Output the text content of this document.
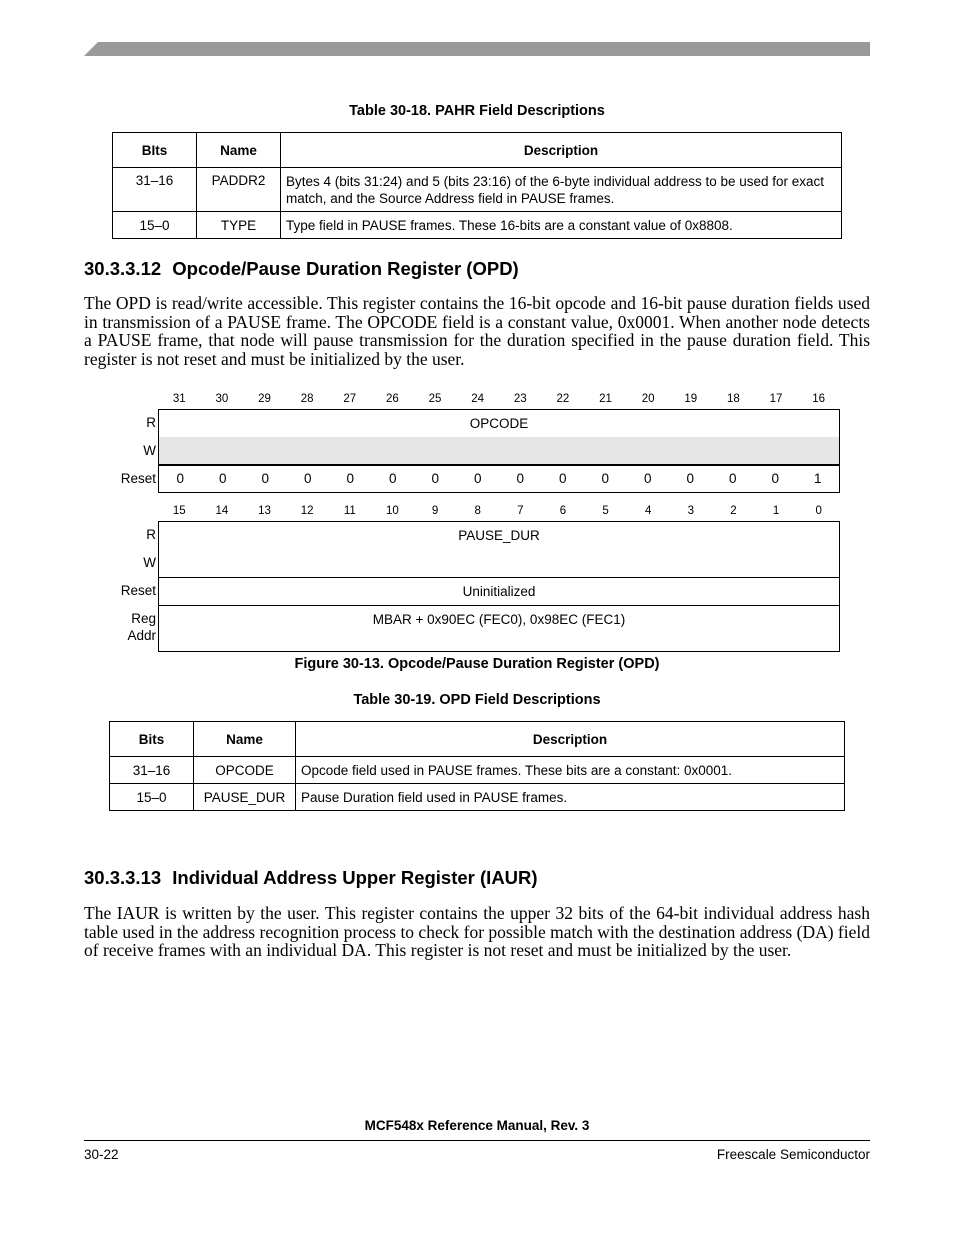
Table 30-18. PAHR Field Descriptions
BIts	Name	Description
31–16	PADDR2	Bytes 4 (bits 31:24) and 5 (bits 23:16) of the 6-byte individual address to be used for exact match, and the Source Address field in PAUSE frames.
15–0	TYPE	Type field in PAUSE frames. These 16-bits are a constant value of 0x8808.
30.3.3.12 Opcode/Pause Duration Register (OPD)
The OPD is read/write accessible. This register contains the 16-bit opcode and 16-bit pause duration fields used in transmission of a PAUSE frame. The OPCODE field is a constant value, 0x0001. When another node detects a PAUSE frame, that node will pause transmission for the duration specified in the pause duration field. This register is not reset and must be initialized by the user.
31	30	29	28	27	26	25	24	23	22	21	20	19	18	17	16
R
W
Reset
OPCODE
0	0	0	0	0	0	0	0	0	0	0	0	0	0	0	1
15	14	13	12	11	10	9	8	7	6	5	4	3	2	1	0
R
W
Reset
Reg
Addr
PAUSE_DUR
Uninitialized
MBAR + 0x90EC (FEC0), 0x98EC (FEC1)
Figure 30-13. Opcode/Pause Duration Register (OPD)
Table 30-19. OPD Field Descriptions
Bits	Name	Description
31–16	OPCODE	Opcode field used in PAUSE frames. These bits are a constant: 0x0001.
15–0	PAUSE_DUR	Pause Duration field used in PAUSE frames.
30.3.3.13 Individual Address Upper Register (IAUR)
The IAUR is written by the user. This register contains the upper 32 bits of the 64-bit individual address hash table used in the address recognition process to check for possible match with the destination address (DA) field of receive frames with an individual DA. This register is not reset and must be initialized by the user.
MCF548x Reference Manual, Rev. 3
30-22	Freescale Semiconductor
